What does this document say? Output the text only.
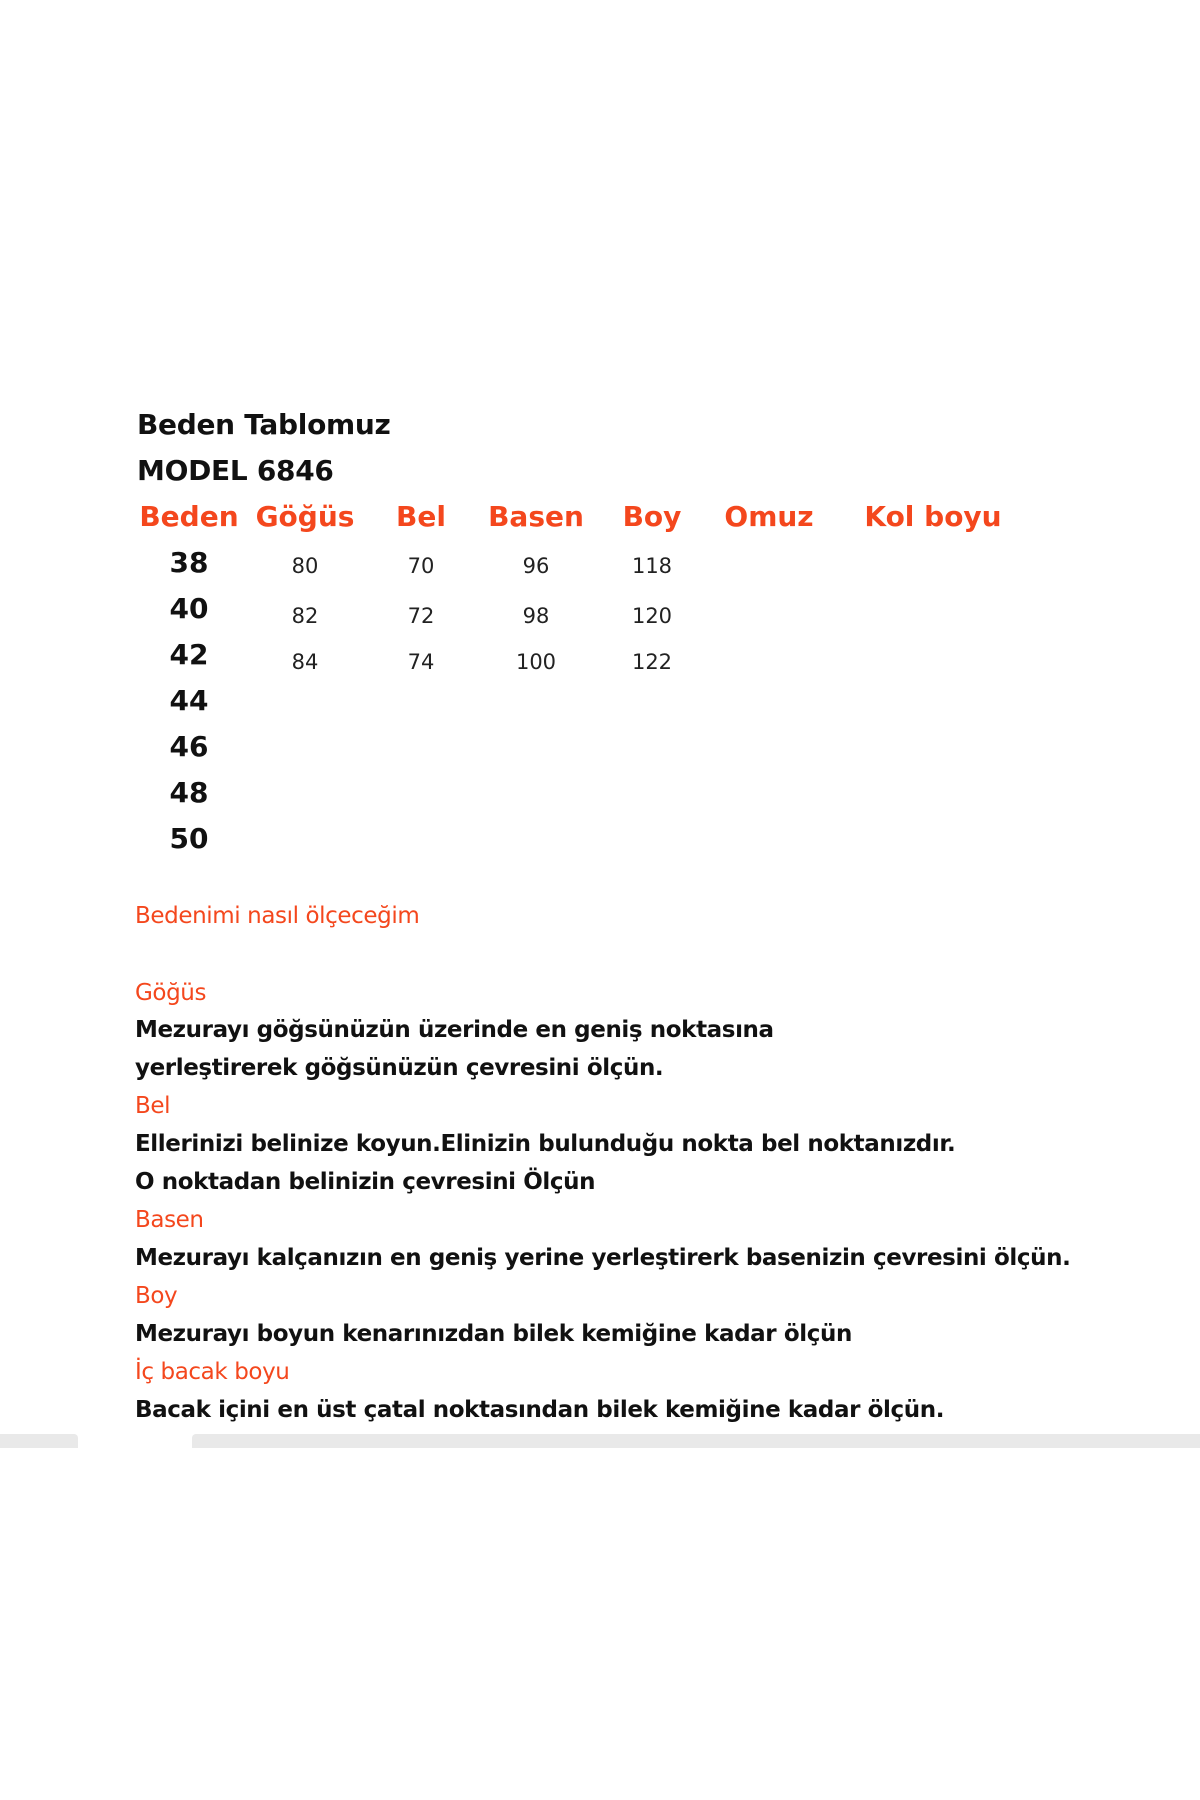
Beden Tablomuz
MODEL 6846
Beden Göğüs Bel Basen Boy Omuz Kol boyu
38	80	70	96	118
40	82	72	98	120
42	84	74	100	122
44
46
48
50
Bedenimi nasıl ölçeceğim
Göğüs
Mezurayı göğsünüzün üzerinde en geniş noktasına
yerleştirerek göğsünüzün çevresini ölçün.
Bel
Ellerinizi belinize koyun.Elinizin bulunduğu nokta bel noktanızdır.
O noktadan belinizin çevresini Ölçün
Basen
Mezurayı kalçanızın en geniş yerine yerleştirerk basenizin çevresini ölçün.
Boy
Mezurayı boyun kenarınızdan bilek kemiğine kadar ölçün
İç bacak boyu
Bacak içini en üst çatal noktasından bilek kemiğine kadar ölçün.
